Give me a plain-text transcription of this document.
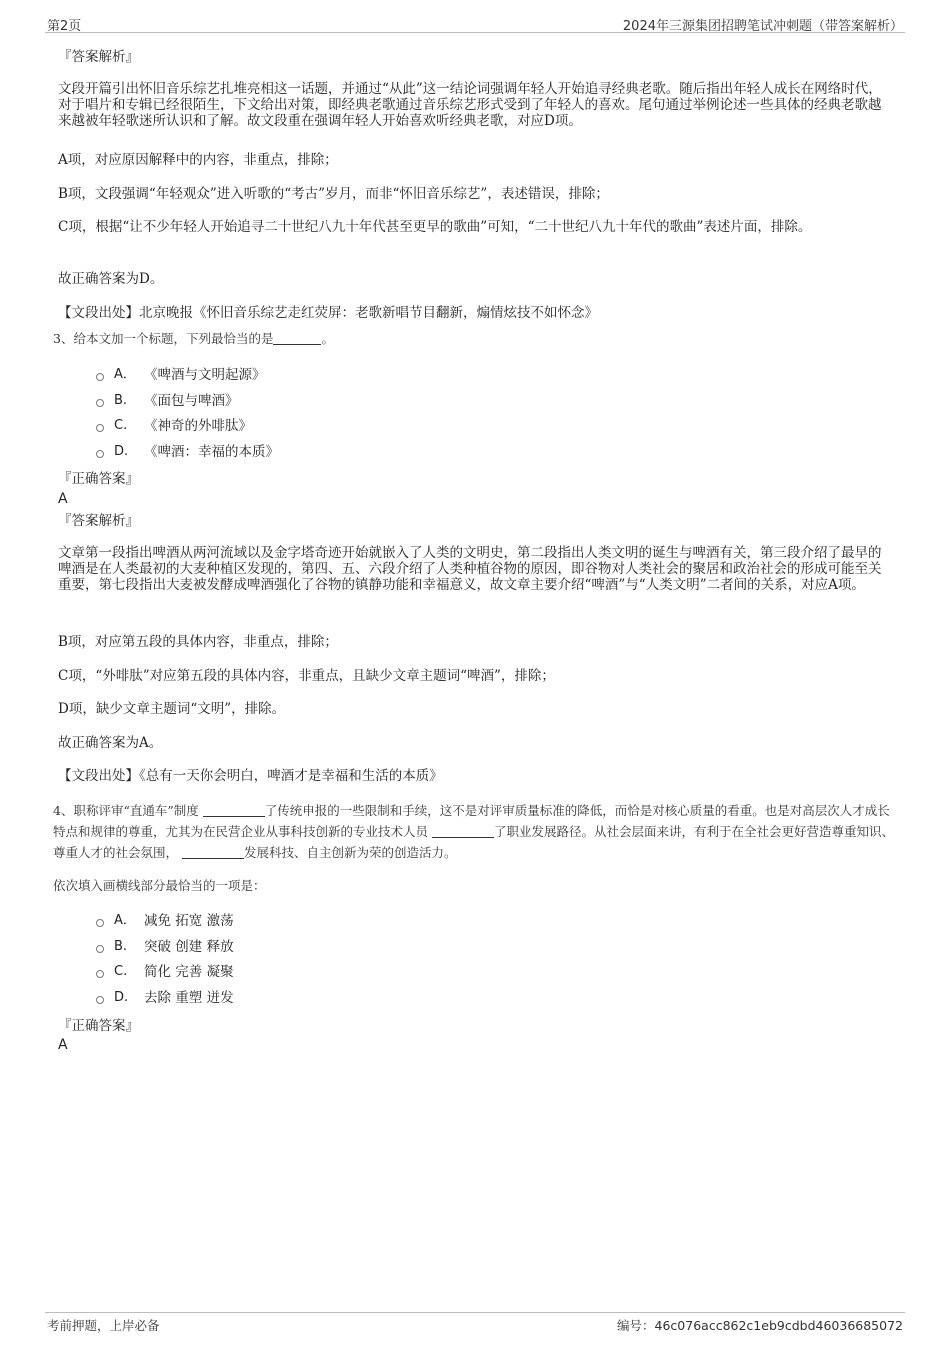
第2页	2024年三源集团招聘笔试冲刺题（带答案解析）
『答案解析』
文段开篇引出怀旧音乐综艺扎堆亮相这一话题，并通过“从此”这一结论词强调年轻人开始追寻经典老歌。随后指出年轻人成长在网络时代，对于唱片和专辑已经很陌生，下文给出对策，即经典老歌通过音乐综艺形式受到了年轻人的喜欢。尾句通过举例论述一些具体的经典老歌越来越被年轻歌迷所认识和了解。故文段重在强调年轻人开始喜欢听经典老歌，对应D项。
A项，对应原因解释中的内容，非重点，排除；
B项，文段强调“年轻观众”进入听歌的“考古”岁月，而非“怀旧音乐综艺”，表述错误，排除；
C项，根据“让不少年轻人开始追寻二十世纪八九十年代甚至更早的歌曲”可知，“二十世纪八九十年代的歌曲”表述片面，排除。
故正确答案为D。
【文段出处】北京晚报《怀旧音乐综艺走红荧屏：老歌新唱节目翻新，煽情炫技不如怀念》
3、给本文加一个标题，下列最恰当的是	。
A． 《啤酒与文明起源》
B.	《面包与啤酒》
C.	《神奇的外啡肽》
D.	《啤酒：幸福的本质》
『正确答案』
A
『答案解析』
文章第一段指出啤酒从两河流域以及金字塔奇迹开始就嵌入了人类的文明史，第二段指出人类文明的诞生与啤酒有关，第三段介绍了最早的啤酒是在人类最初的大麦种植区发现的，第四、五、六段介绍了人类种植谷物的原因，即谷物对人类社会的聚居和政治社会的形成可能至关重要，第七段指出大麦被发酵成啤酒强化了谷物的镇静功能和幸福意义，故文章主要介绍“啤酒”与“人类文明”二者间的关系，对应A项。
B项，对应第五段的具体内容，非重点，排除；
C项，“外啡肽”对应第五段的具体内容，非重点，且缺少文章主题词“啤酒”，排除；
D项，缺少文章主题词“文明”，排除。
故正确答案为A。
【文段出处】《总有一天你会明白，啤酒才是幸福和生活的本质》
4、职称评审“直通车”制度	了传统申报的一些限制和手续，这不是对评审质量标准的降低，而恰是对核心质量的看重。也是对高层次人才成长特点和规律的尊重，尤其为在民营企业从事科技创新的专业技术人员	了职业发展路径。从社会层面来讲，有利于在全社会更好营造尊重知识、尊重人才的社会氛围，	发展科技、自主创新为荣的创造活力。
依次填入画横线部分最恰当的一项是：
A． 减免 拓宽 激荡
B.	突破 创建 释放
C.	简化 完善 凝聚
D.	去除 重塑 迸发
『正确答案』
A
考前押题，上岸必备	编号：46c076acc862c1eb9cdbd46036685072
